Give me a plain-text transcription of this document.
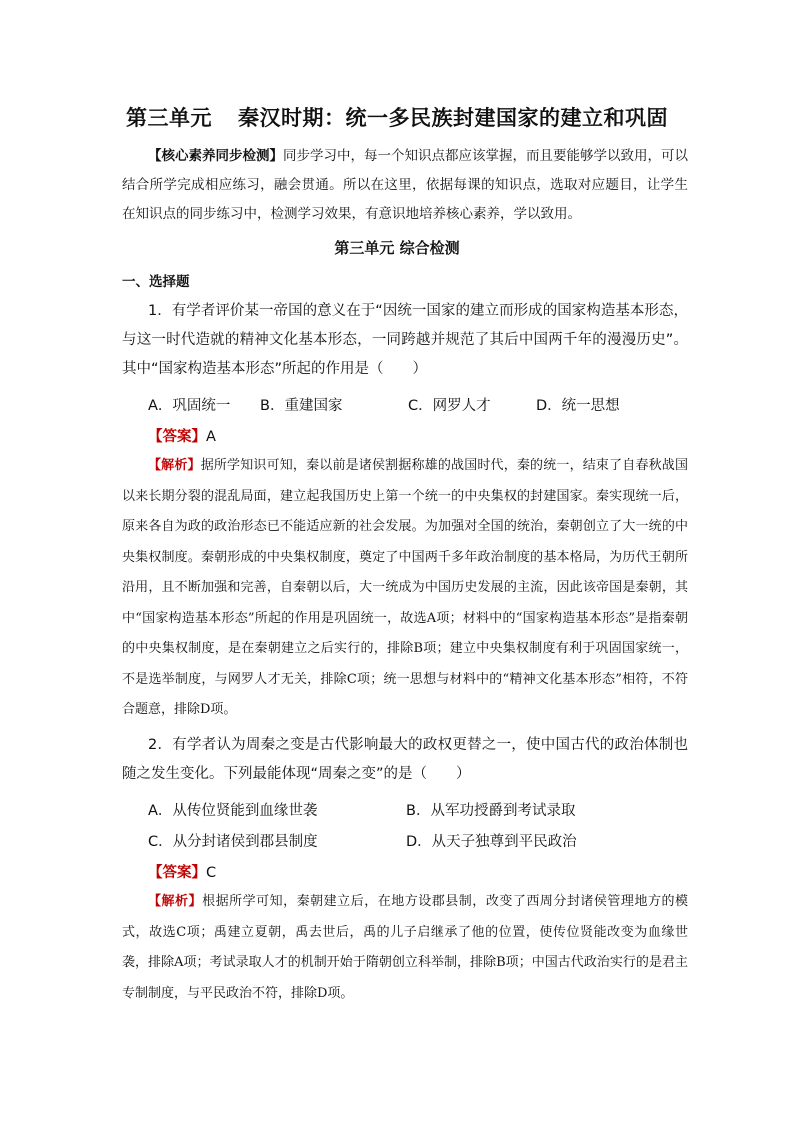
第三单元 秦汉时期：统一多民族封建国家的建立和巩固
【核心素养同步检测】同步学习中，每一个知识点都应该掌握，而且要能够学以致用，可以结合所学完成相应练习，融会贯通。所以在这里，依据每课的知识点，选取对应题目，让学生在知识点的同步练习中，检测学习效果，有意识地培养核心素养，学以致用。
第三单元 综合检测
一、选择题
1．有学者评价某一帝国的意义在于“因统一国家的建立而形成的国家构造基本形态，与这一时代造就的精神文化基本形态，一同跨越并规范了其后中国两千年的漫漫历史”。其中“国家构造基本形态”所起的作用是（　　）
A．巩固统一 B．重建国家	C．网罗人才	D．统一思想
【答案】A
【解析】据所学知识可知，秦以前是诸侯割据称雄的战国时代，秦的统一，结束了自春秋战国以来长期分裂的混乱局面，建立起我国历史上第一个统一的中央集权的封建国家。秦实现统一后，原来各自为政的政治形态已不能适应新的社会发展。为加强对全国的统治，秦朝创立了大一统的中央集权制度。秦朝形成的中央集权制度，奠定了中国两千多年政治制度的基本格局，为历代王朝所沿用，且不断加强和完善，自秦朝以后，大一统成为中国历史发展的主流，因此该帝国是秦朝，其中“国家构造基本形态”所起的作用是巩固统一，故选A项；材料中的“国家构造基本形态”是指秦朝的中央集权制度，是在秦朝建立之后实行的，排除B项；建立中央集权制度有利于巩固国家统一，不是选举制度，与网罗人才无关，排除C项；统一思想与材料中的“精神文化基本形态”相符，不符合题意，排除D项。
2．有学者认为周秦之变是古代影响最大的政权更替之一，使中国古代的政治体制也随之发生变化。下列最能体现“周秦之变”的是（　　）
A．从传位贤能到血缘世袭	B．从军功授爵到考试录取
C．从分封诸侯到郡县制度	D．从天子独尊到平民政治
【答案】C
【解析】根据所学可知，秦朝建立后，在地方设郡县制，改变了西周分封诸侯管理地方的模式，故选C项；禹建立夏朝，禹去世后，禹的儿子启继承了他的位置，使传位贤能改变为血缘世袭，排除A项；考试录取人才的机制开始于隋朝创立科举制，排除B项；中国古代政治实行的是君主专制制度，与平民政治不符，排除D项。
